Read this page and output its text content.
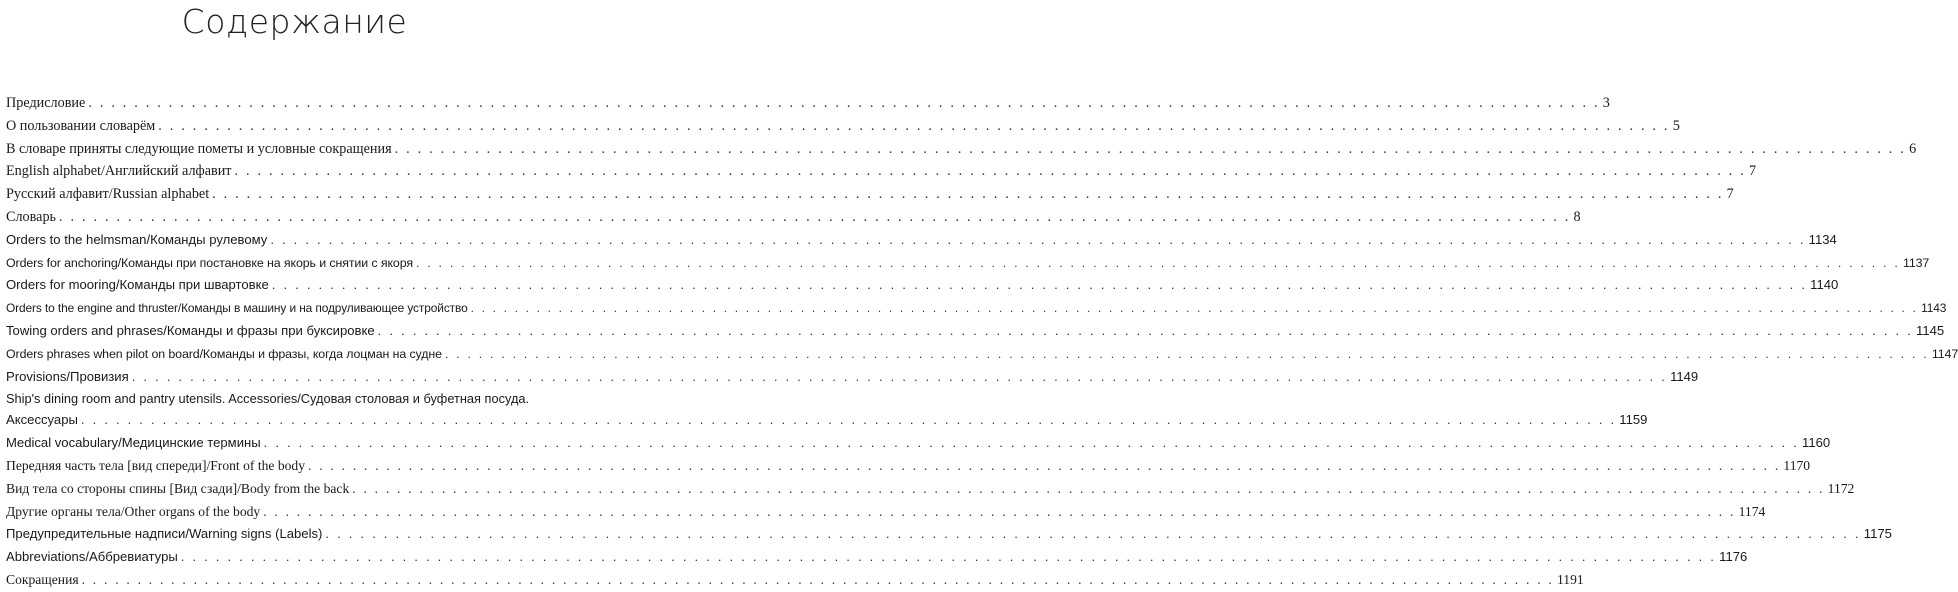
Содержание
Предисловие . . .	3
О пользовании словарём . . .	5
В словаре приняты следующие пометы и условные сокращения . . .	6
English alphabet/Английский алфавит . . .	7
Русский алфавит/Russian alphabet . . .	7
Словарь . . .	8
Orders to the helmsman/Команды рулевому . . .	1134
Orders for anchoring/Команды при постановке на якорь и снятии с якоря . . .	1137
Orders for mooring/Команды при швартовке . . .	1140
Orders to the engine and thruster/Команды в машину и на подруливающее устройство . . .	1143
Towing orders and phrases/Команды и фразы при буксировке . . .	1145
Orders phrases when pilot on board/Команды и фразы, когда лоцман на судне . . .	1147
Provisions/Провизия . . .	1149
Ship's dining room and pantry utensils. Accessories/Судовая столовая и буфетная посуда.
Аксессуары . . .	1159
Medical vocabulary/Медицинские термины . . .	1160
Передняя часть тела [вид спереди]/Front of the body . . .	1170
Вид тела со стороны спины [Вид сзади]/Body from the back . . .	1172
Другие органы тела/Other organs of the body . . .	1174
Предупредительные надписи/Warning signs (Labels) . . .	1175
Abbreviations/Аббревиатуры . . .	1176
Сокращения . . .	1191
